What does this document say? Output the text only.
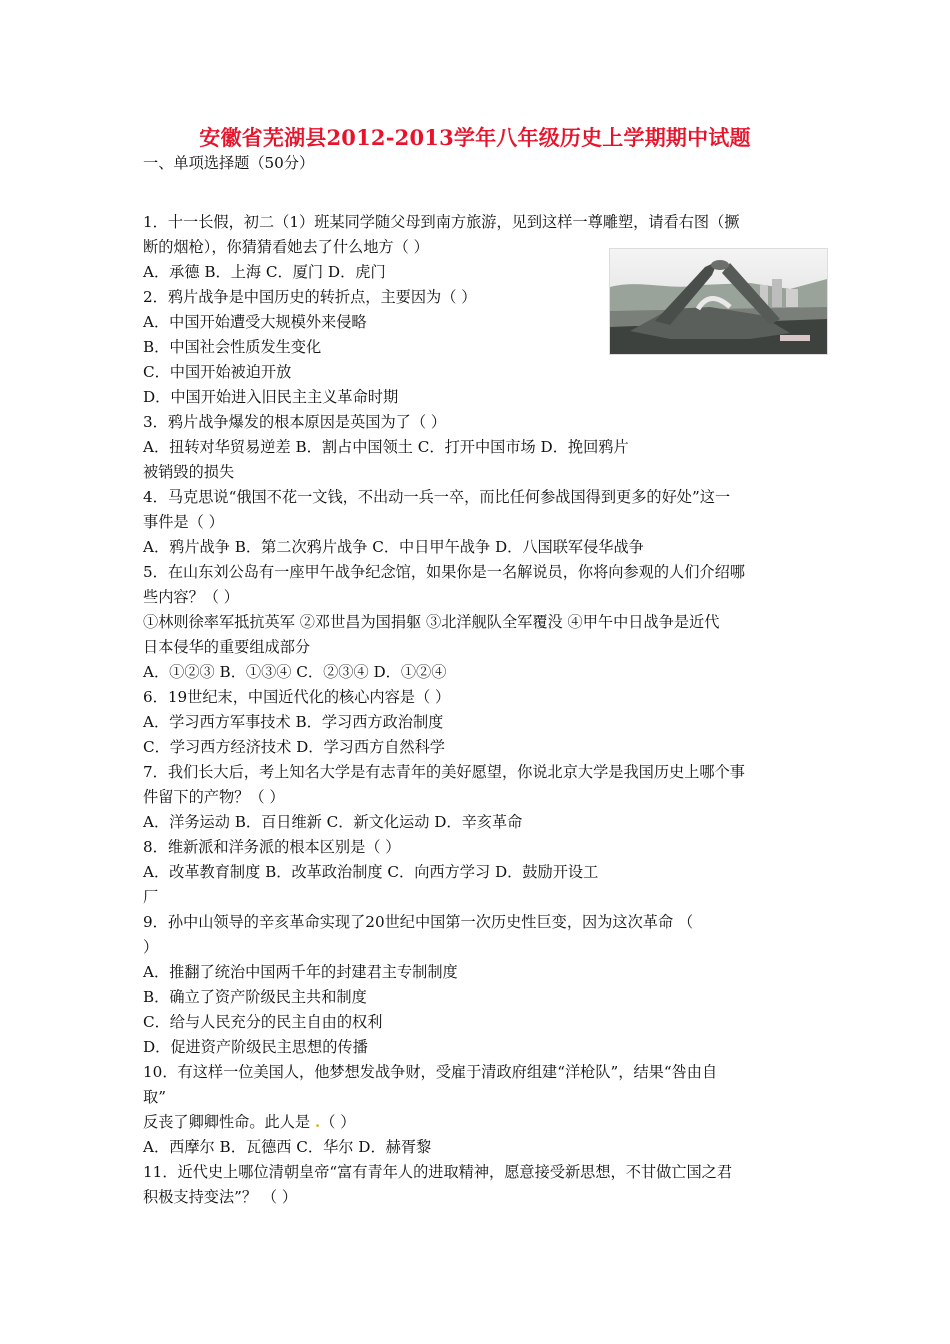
安徽省芜湖县2012-2013学年八年级历史上学期期中试题
一、单项选择题（50分）
1．十一长假，初二（1）班某同学随父母到南方旅游，见到这样一尊雕塑，请看右图（撅
断的烟枪），你猜猜看她去了什么地方（ ）
A．承德 B．上海 C．厦门 D．虎门
2．鸦片战争是中国历史的转折点，主要因为（ ）
A．中国开始遭受大规模外来侵略
B．中国社会性质发生变化
C．中国开始被迫开放
D．中国开始进入旧民主主义革命时期
3．鸦片战争爆发的根本原因是英国为了（ ）
A．扭转对华贸易逆差 B．割占中国领土 C．打开中国市场 D．挽回鸦片
被销毁的损失
4．马克思说“俄国不花一文钱，不出动一兵一卒，而比任何参战国得到更多的好处”这一
事件是（ ）
A．鸦片战争 B．第二次鸦片战争 C．中日甲午战争 D．八国联军侵华战争
5．在山东刘公岛有一座甲午战争纪念馆，如果你是一名解说员，你将向参观的人们介绍哪
些内容？（ ）
①林则徐率军抵抗英军 ②邓世昌为国捐躯 ③北洋舰队全军覆没 ④甲午中日战争是近代
日本侵华的重要组成部分
A．①②③ B．①③④ C．②③④ D．①②④
6．19世纪末，中国近代化的核心内容是（ ）
A．学习西方军事技术 B．学习西方政治制度
C．学习西方经济技术 D．学习西方自然科学
7．我们长大后，考上知名大学是有志青年的美好愿望，你说北京大学是我国历史上哪个事
件留下的产物？（ ）
A．洋务运动 B．百日维新 C．新文化运动 D．辛亥革命
8．维新派和洋务派的根本区别是（ ）
A．改革教育制度 B．改革政治制度 C．向西方学习 D．鼓励开设工
厂
9．孙中山领导的辛亥革命实现了20世纪中国第一次历史性巨变，因为这次革命 （
）
A．推翻了统治中国两千年的封建君主专制制度
B．确立了资产阶级民主共和制度
C．给与人民充分的民主自由的权利
D．促进资产阶级民主思想的传播
10．有这样一位美国人，他梦想发战争财，受雇于清政府组建“洋枪队”，结果“咎由自
取”
反丧了卿卿性命。此人是 .（ ）
A．西摩尔 B．瓦德西 C．华尔 D．赫胥黎
11．近代史上哪位清朝皇帝“富有青年人的进取精神，愿意接受新思想，不甘做亡国之君
积极支持变法”？ （ ）
